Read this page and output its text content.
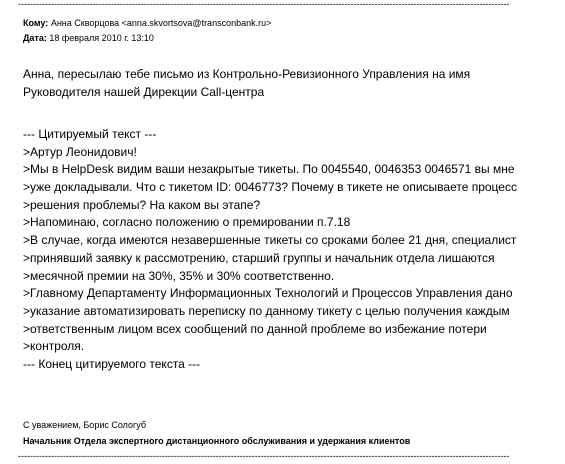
--------------------------------------------------------------------------------------------------------------------------------------------------------------------
Кому: Анна Скворцова <anna.skvortsova@transconbank.ru>
Дата: 18 февраля 2010 г. 13:10
Анна, пересылаю тебе письмо из Контрольно-Ревизионного Управления на имя
Руководителя нашей Дирекции Call-центра
--- Цитируемый текст ---
>Артур Леонидович!
>Мы в HelpDesk видим ваши незакрытые тикеты. По 0045540, 0046353 0046571 вы мне
>уже докладывали. Что с тикетом ID: 0046773? Почему в тикете не описываете процесс
>решения проблемы? На каком вы этапе?
>Напоминаю, согласно положению о премировании п.7.18
>В случае, когда имеются незавершенные тикеты со сроками более 21 дня, специалист
>принявший заявку к рассмотрению, старший группы и начальник отдела лишаются
>месячной премии на 30%, 35% и 30% соответственно.
>Главному Департаменту Информационных Технологий и Процессов Управления дано
>указание автоматизировать переписку по данному тикету с целью получения каждым
>ответственным лицом всех сообщений по данной проблеме во избежание потери
>контроля.
--- Конец цитируемого текста ---
С уважением, Борис Сологуб
Начальник Отдела экспертного дистанционного обслуживания и удержания клиентов
--------------------------------------------------------------------------------------------------------------------------------------------------------------------
